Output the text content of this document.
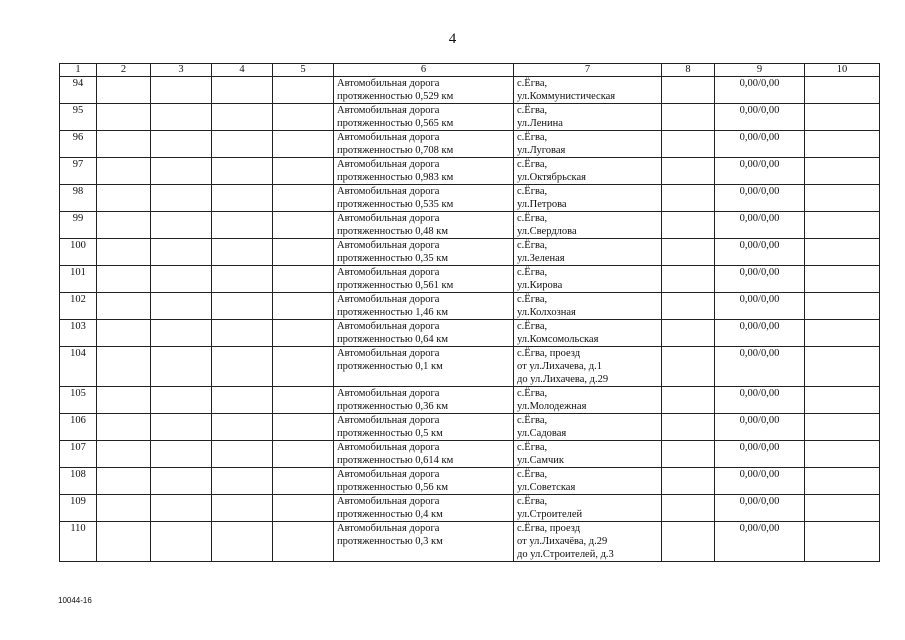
4
1	2	3	4	5	6	7	8	9	10
94					Автомобильная дорога
протяженностью 0,529 км	с.Ёгва,
ул.Коммунистическая		0,00/0,00	
95					Автомобильная дорога
протяженностью 0,565 км	с.Ёгва,
ул.Ленина		0,00/0,00	
96					Автомобильная дорога
протяженностью 0,708 км	с.Ёгва,
ул.Луговая		0,00/0,00	
97					Автомобильная дорога
протяженностью 0,983 км	с.Ёгва,
ул.Октябрьская		0,00/0,00	
98					Автомобильная дорога
протяженностью 0,535 км	с.Ёгва,
ул.Петрова		0,00/0,00	
99					Автомобильная дорога
протяженностью 0,48 км	с.Ёгва,
ул.Свердлова		0,00/0,00	
100					Автомобильная дорога
протяженностью 0,35 км	с.Ёгва,
ул.Зеленая		0,00/0,00	
101					Автомобильная дорога
протяженностью 0,561 км	с.Ёгва,
ул.Кирова		0,00/0,00	
102					Автомобильная дорога
протяженностью 1,46 км	с.Ёгва,
ул.Колхозная		0,00/0,00	
103					Автомобильная дорога
протяженностью 0,64 км	с.Ёгва,
ул.Комсомольская		0,00/0,00	
104					Автомобильная дорога
протяженностью 0,1 км	с.Ёгва, проезд
от ул.Лихачева, д.1
до ул.Лихачева, д.29		0,00/0,00	
105					Автомобильная дорога
протяженностью 0,36 км	с.Ёгва,
ул.Молодежная		0,00/0,00	
106					Автомобильная дорога
протяженностью 0,5 км	с.Ёгва,
ул.Садовая		0,00/0,00	
107					Автомобильная дорога
протяженностью 0,614 км	с.Ёгва,
ул.Самчик		0,00/0,00	
108					Автомобильная дорога
протяженностью 0,56 км	с.Ёгва,
ул.Советская		0,00/0,00	
109					Автомобильная дорога
протяженностью 0,4 км	с.Ёгва,
ул.Строителей		0,00/0,00	
110					Автомобильная дорога
протяженностью 0,3 км	с.Ёгва, проезд
от ул.Лихачёва, д.29
до ул.Строителей, д.3		0,00/0,00	
10044-16
